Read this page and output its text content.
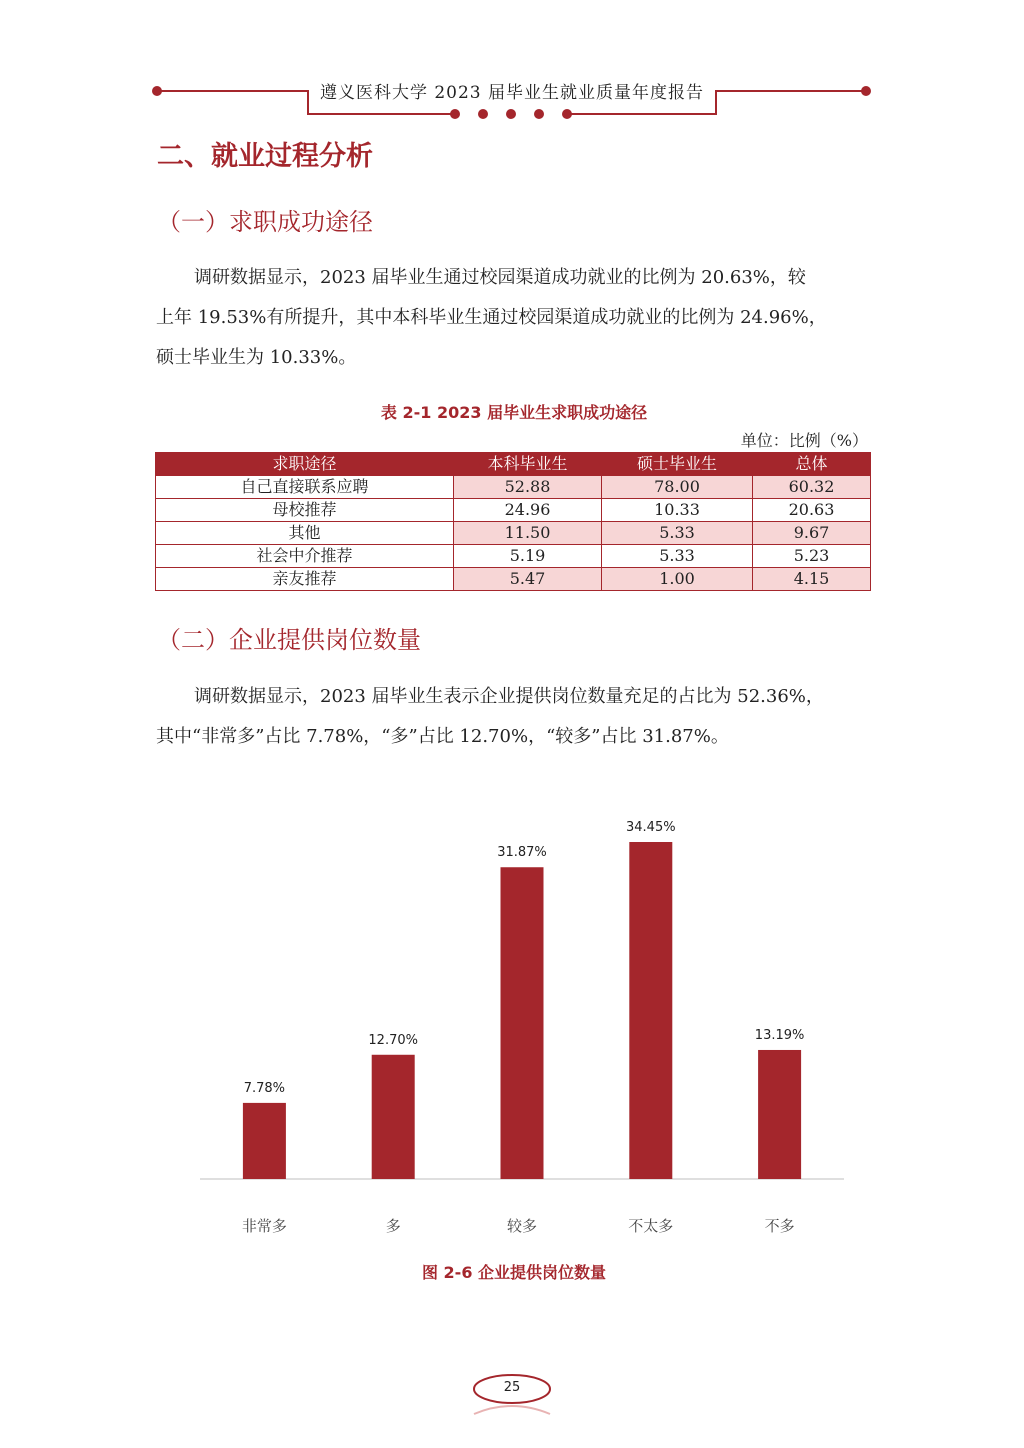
遵义医科大学 2023 届毕业生就业质量年度报告
二、就业过程分析
（一）求职成功途径
调研数据显示，2023 届毕业生通过校园渠道成功就业的比例为 20.63%，较
上年 19.53%有所提升，其中本科毕业生通过校园渠道成功就业的比例为 24.96%，
硕士毕业生为 10.33%。
表 2-1 2023 届毕业生求职成功途径
单位：比例（%）
求职途径	本科毕业生	硕士毕业生	总体
自己直接联系应聘	52.88	78.00	60.32
母校推荐	24.96	10.33	20.63
其他	11.50	5.33	9.67
社会中介推荐	5.19	5.33	5.23
亲友推荐	5.47	1.00	4.15
（二）企业提供岗位数量
调研数据显示，2023 届毕业生表示企业提供岗位数量充足的占比为 52.36%，
其中“非常多”占比 7.78%，“多”占比 12.70%，“较多”占比 31.87%。
7.78%
非常多
12.70%
多
31.87%
较多
34.45%
不太多
13.19%
不多
图 2-6 企业提供岗位数量
25
